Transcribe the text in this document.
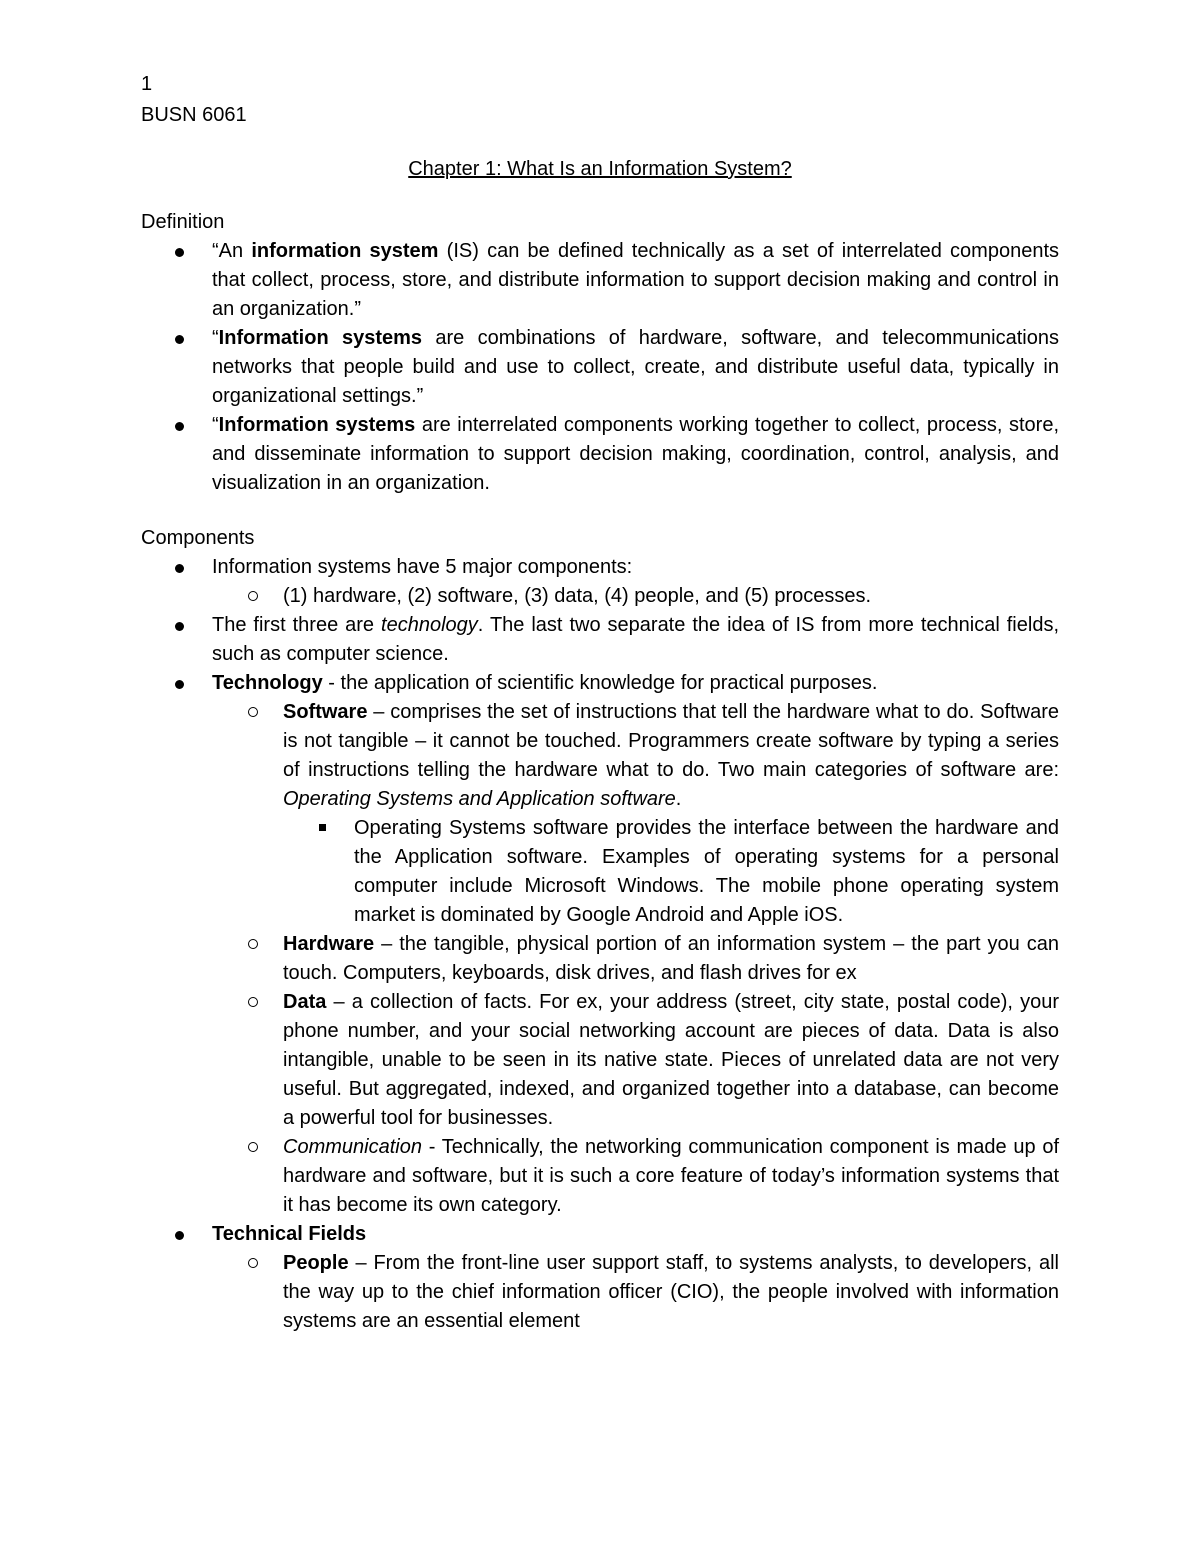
1

BUSN 6061

Chapter 1: What Is an Information System?

Definition

“An information system (IS) can be defined technically as a set of interrelated components that collect, process, store, and distribute information to support decision making and control in an organization.”
“Information systems are combinations of hardware, software, and telecommunications networks that people build and use to collect, create, and distribute useful data, typically in organizational settings.”
“Information systems are interrelated components working together to collect, process, store, and disseminate information to support decision making, coordination, control, analysis, and visualization in an organization.

Components

Information systems have 5 major components:
(1) hardware, (2) software, (3) data, (4) people, and (5) processes.
The first three are technology. The last two separate the idea of IS from more technical fields, such as computer science.
Technology - the application of scientific knowledge for practical purposes.
Software – comprises the set of instructions that tell the hardware what to do. Software is not tangible – it cannot be touched. Programmers create software by typing a series of instructions telling the hardware what to do. Two main categories of software are: Operating Systems and Application software.
Operating Systems software provides the interface between the hardware and the Application software. Examples of operating systems for a personal computer include Microsoft Windows. The mobile phone operating system market is dominated by Google Android and Apple iOS.
Hardware – the tangible, physical portion of an information system – the part you can touch. Computers, keyboards, disk drives, and flash drives for ex
Data – a collection of facts. For ex, your address (street, city state, postal code), your phone number, and your social networking account are pieces of data. Data is also intangible, unable to be seen in its native state. Pieces of unrelated data are not very useful. But aggregated, indexed, and organized together into a database, can become a powerful tool for businesses.
Communication - Technically, the networking communication component is made up of hardware and software, but it is such a core feature of today’s information systems that it has become its own category.
Technical Fields
People – From the front-line user support staff, to systems analysts, to developers, all the way up to the chief information officer (CIO), the people involved with information systems are an essential element
